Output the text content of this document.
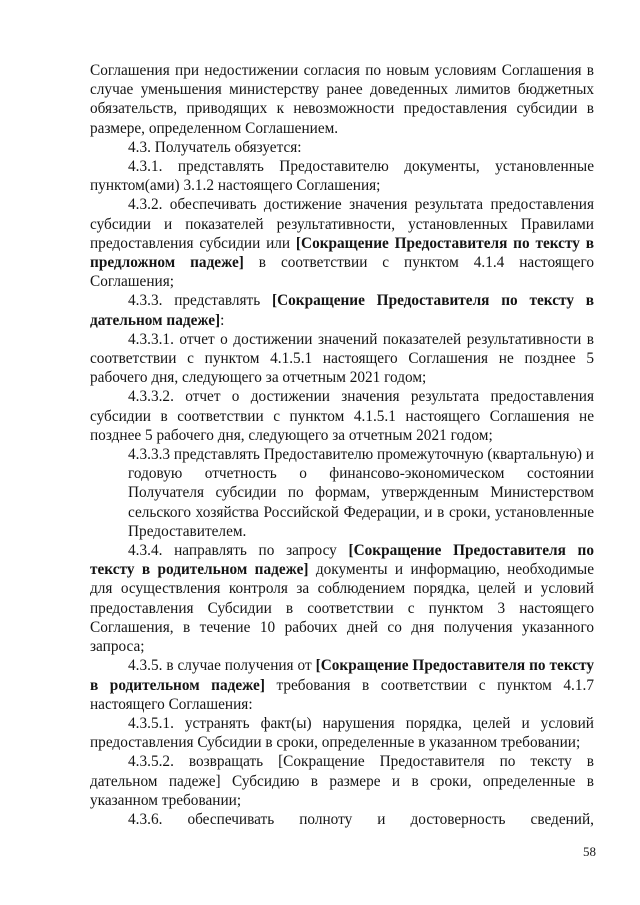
Соглашения при недостижении согласия по новым условиям Соглашения в случае уменьшения министерству ранее доведенных лимитов бюджетных обязательств, приводящих к невозможности предоставления субсидии в размере, определенном Соглашением.

4.3. Получатель обязуется:

4.3.1. представлять Предоставителю документы, установленные пунктом(ами) 3.1.2 настоящего Соглашения;

4.3.2. обеспечивать достижение значения результата предоставления субсидии и показателей результативности, установленных Правилами предоставления субсидии или [Сокращение Предоставителя по тексту в предложном падеже] в соответствии с пунктом 4.1.4 настоящего Соглашения;

4.3.3. представлять [Сокращение Предоставителя по тексту в дательном падеже]:

4.3.3.1. отчет о достижении значений показателей результативности в соответствии с пунктом 4.1.5.1 настоящего Соглашения не позднее 5 рабочего дня, следующего за отчетным 2021 годом;

4.3.3.2. отчет о достижении значения результата предоставления субсидии в соответствии с пунктом 4.1.5.1 настоящего Соглашения не позднее 5 рабочего дня, следующего за отчетным 2021 годом;

4.3.3.3 представлять Предоставителю промежуточную (квартальную) и годовую отчетность о финансово-экономическом состоянии Получателя субсидии по формам, утвержденным Министерством сельского хозяйства Российской Федерации, и в сроки, установленные Предоставителем.

4.3.4. направлять по запросу [Сокращение Предоставителя по тексту в родительном падеже] документы и информацию, необходимые для осуществления контроля за соблюдением порядка, целей и условий предоставления Субсидии в соответствии с пунктом 3 настоящего Соглашения, в течение 10 рабочих дней со дня получения указанного запроса;

4.3.5. в случае получения от [Сокращение Предоставителя по тексту в родительном падеже] требования в соответствии с пунктом 4.1.7 настоящего Соглашения:

4.3.5.1. устранять факт(ы) нарушения порядка, целей и условий предоставления Субсидии в сроки, определенные в указанном требовании;

4.3.5.2. возвращать [Сокращение Предоставителя по тексту в дательном падеже] Субсидию в размере и в сроки, определенные в указанном требовании;

4.3.6. обеспечивать полноту и достоверность сведений,

58
